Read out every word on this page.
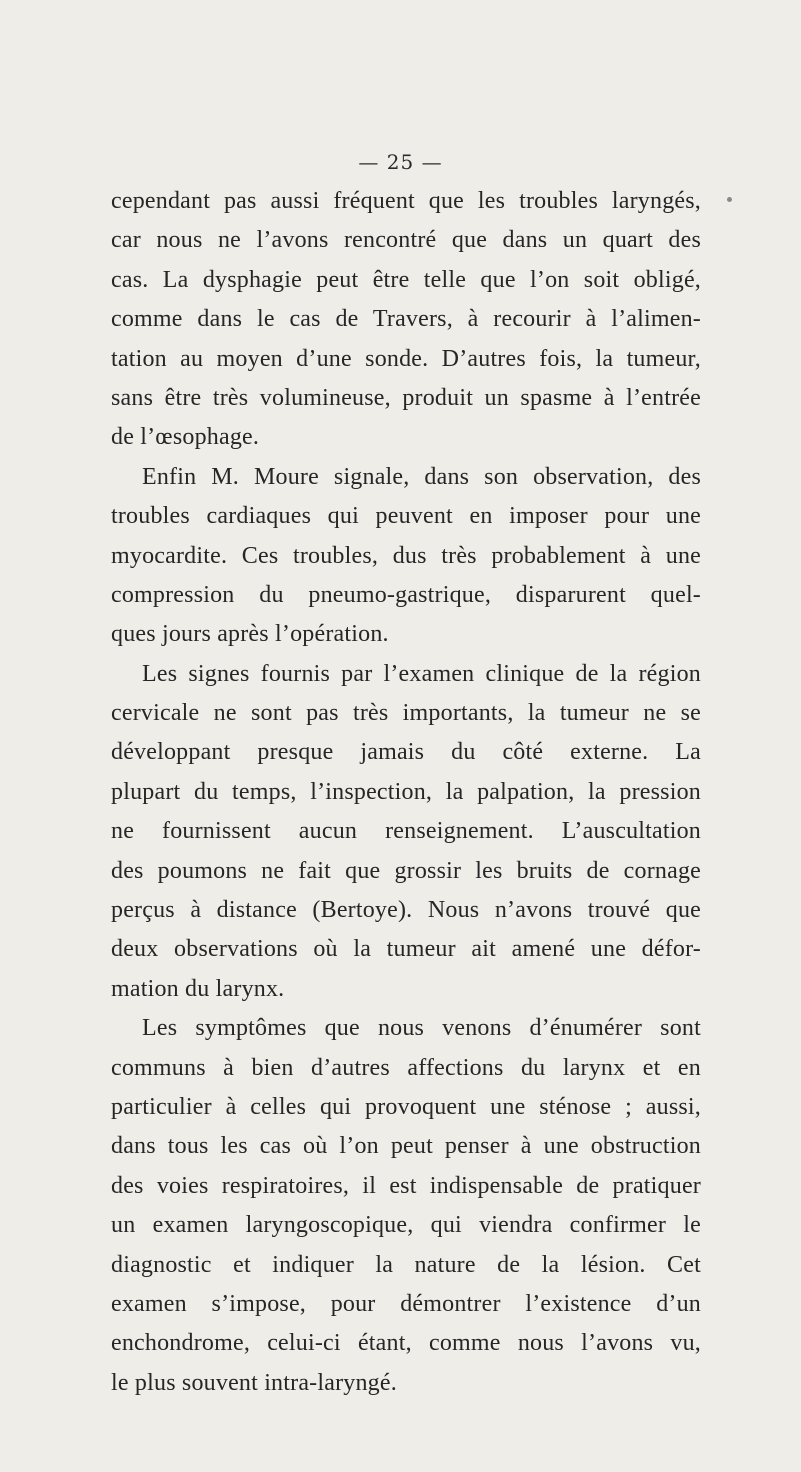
— 25 —
cependant pas aussi fréquent que les troubles laryngés,
car nous ne l’avons rencontré que dans un quart des
cas. La dysphagie peut être telle que l’on soit obligé,
comme dans le cas de Travers, à recourir à l’alimen-
tation au moyen d’une sonde. D’autres fois, la tumeur,
sans être très volumineuse, produit un spasme à l’entrée
de l’œsophage.
Enfin M. Moure signale, dans son observation, des
troubles cardiaques qui peuvent en imposer pour une
myocardite. Ces troubles, dus très probablement à une
compression du pneumo-gastrique, disparurent quel-
ques jours après l’opération.
Les signes fournis par l’examen clinique de la région
cervicale ne sont pas très importants, la tumeur ne se
développant presque jamais du côté externe. La
plupart du temps, l’inspection, la palpation, la pression
ne fournissent aucun renseignement. L’auscultation
des poumons ne fait que grossir les bruits de cornage
perçus à distance (Bertoye). Nous n’avons trouvé que
deux observations où la tumeur ait amené une défor-
mation du larynx.
Les symptômes que nous venons d’énumérer sont
communs à bien d’autres affections du larynx et en
particulier à celles qui provoquent une sténose ; aussi,
dans tous les cas où l’on peut penser à une obstruction
des voies respiratoires, il est indispensable de pratiquer
un examen laryngoscopique, qui viendra confirmer le
diagnostic et indiquer la nature de la lésion. Cet
examen s’impose, pour démontrer l’existence d’un
enchondrome, celui-ci étant, comme nous l’avons vu,
le plus souvent intra-laryngé.
